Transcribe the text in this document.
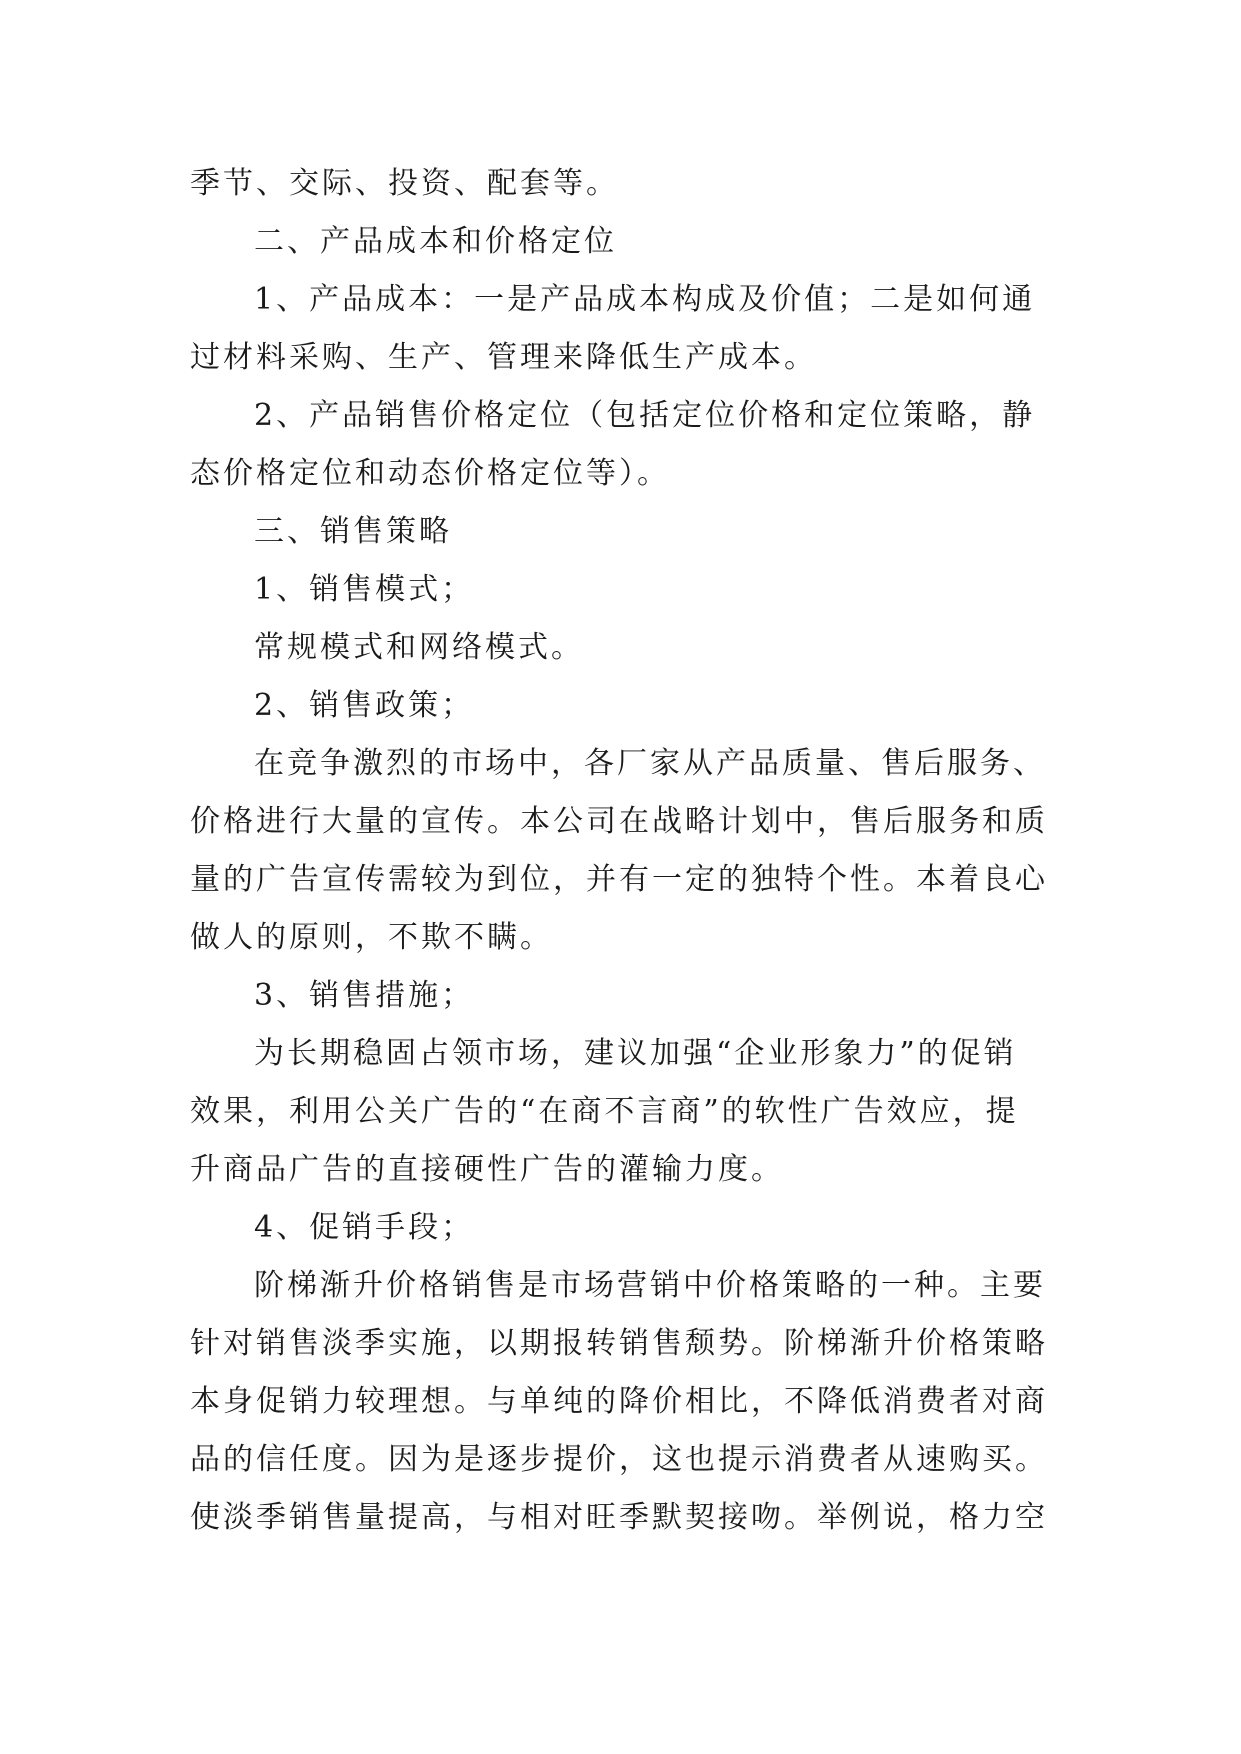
季节、交际、投资、配套等。
二、产品成本和价格定位
1、产品成本：一是产品成本构成及价值；二是如何通
过材料采购、生产、管理来降低生产成本。
2、产品销售价格定位（包括定位价格和定位策略，静
态价格定位和动态价格定位等）。
三、销售策略
1、销售模式；
常规模式和网络模式。
2、销售政策；
在竞争激烈的市场中，各厂家从产品质量、售后服务、
价格进行大量的宣传。本公司在战略计划中，售后服务和质
量的广告宣传需较为到位，并有一定的独特个性。本着良心
做人的原则，不欺不瞒。
3、销售措施；
为长期稳固占领市场，建议加强“企业形象力”的促销
效果，利用公关广告的“在商不言商”的软性广告效应，提
升商品广告的直接硬性广告的灌输力度。
4、促销手段；
阶梯渐升价格销售是市场营销中价格策略的一种。主要
针对销售淡季实施，以期报转销售颓势。阶梯渐升价格策略
本身促销力较理想。与单纯的降价相比，不降低消费者对商
品的信任度。因为是逐步提价，这也提示消费者从速购买。
使淡季销售量提高，与相对旺季默契接吻。举例说，格力空
